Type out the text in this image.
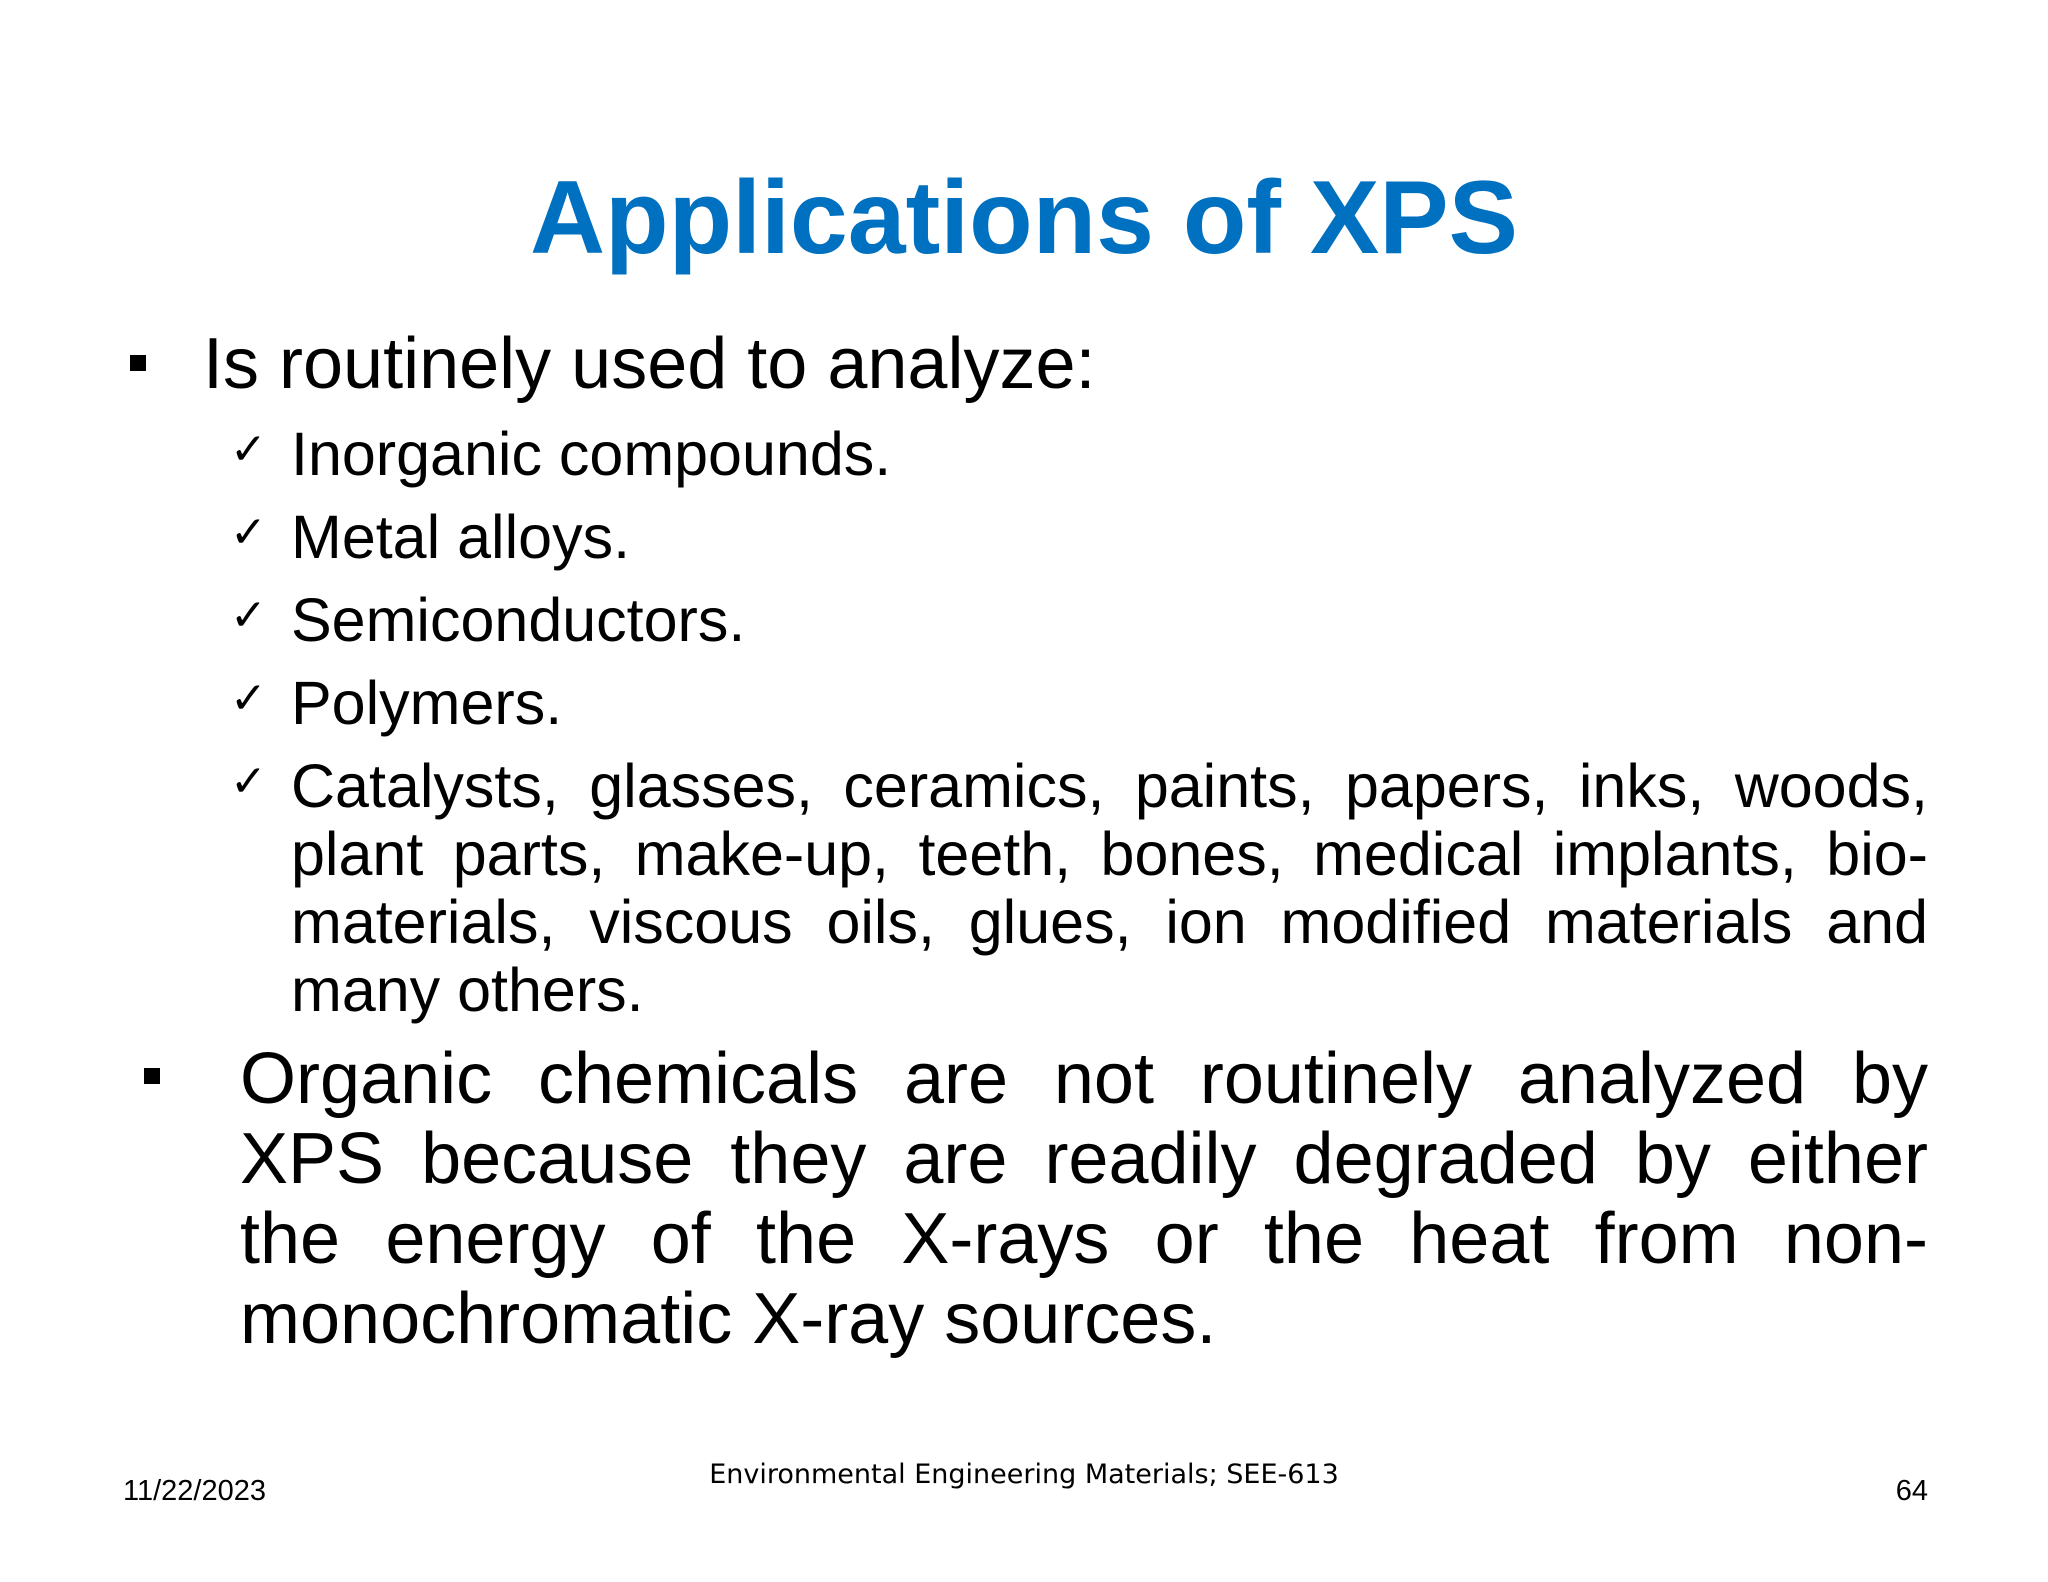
Applications of XPS
Is routinely used to analyze:
✓ Inorganic compounds.
✓ Metal alloys.
✓ Semiconductors.
✓ Polymers.
✓ Catalysts, glasses, ceramics, paints, papers, inks, woods,
plant parts, make-up, teeth, bones, medical implants, bio-
materials, viscous oils, glues, ion modified materials and
many others.
Organic chemicals are not routinely analyzed by
XPS because they are readily degraded by either
the energy of the X-rays or the heat from non-
monochromatic X-ray sources.
11/22/2023
Environmental Engineering Materials; SEE-613
64
